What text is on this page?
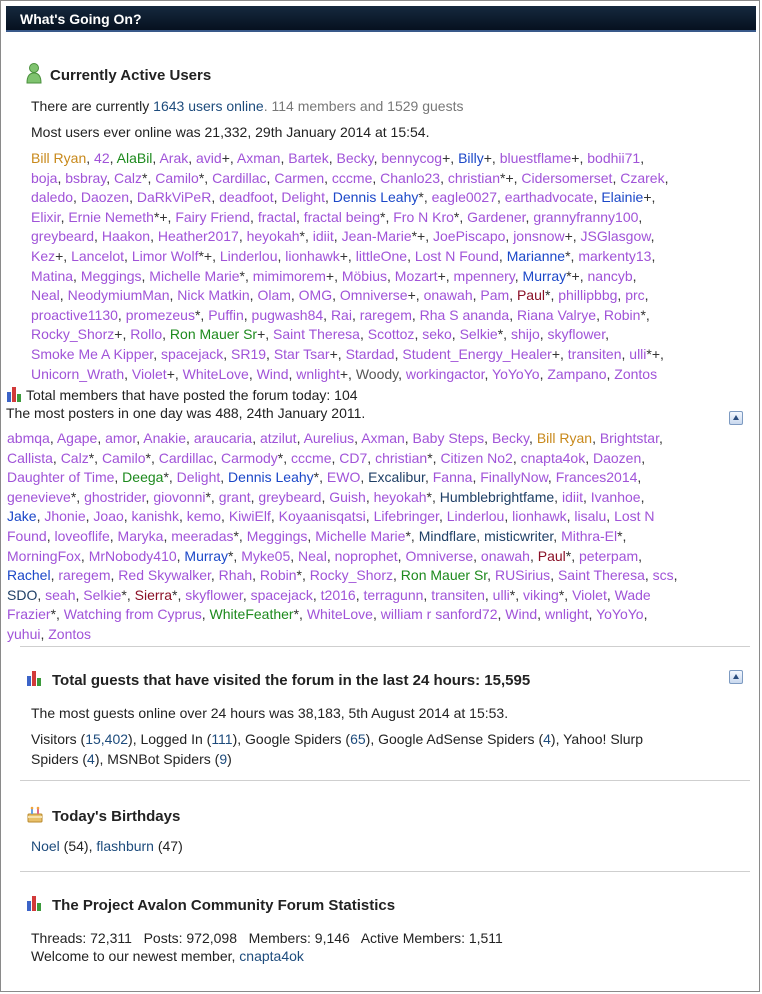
What's Going On?
Currently Active Users
There are currently 1643 users online. 114 members and 1529 guests
Most users ever online was 21,332, 29th January 2014 at 15:54.
Bill Ryan, 42, AlaBil, Arak, avid+, Axman, Bartek, Becky, bennycog+, Billy+, bluestflame+, bodhii71,
boja, bsbray, Calz*, Camilo*, Cardillac, Carmen, cccme, Chanlo23, christian*+, Cidersomerset, Czarek,
daledo, Daozen, DaRkViPeR, deadfoot, Delight, Dennis Leahy*, eagle0027, earthadvocate, Elainie+,
Elixir, Ernie Nemeth*+, Fairy Friend, fractal, fractal being*, Fro N Kro*, Gardener, grannyfranny100,
greybeard, Haakon, Heather2017, heyokah*, idiit, Jean-Marie*+, JoePiscapo, jonsnow+, JSGlasgow,
Kez+, Lancelot, Limor Wolf*+, Linderlou, lionhawk+, littleOne, Lost N Found, Marianne*, markenty13,
Matina, Meggings, Michelle Marie*, mimimorem+, Möbius, Mozart+, mpennery, Murray*+, nancyb,
Neal, NeodymiumMan, Nick Matkin, Olam, OMG, Omniverse+, onawah, Pam, Paul*, phillipbbg, prc,
proactive1130, promezeus*, Puffin, pugwash84, Rai, raregem, Rha S ananda, Riana Valrye, Robin*,
Rocky_Shorz+, Rollo, Ron Mauer Sr+, Saint Theresa, Scottoz, seko, Selkie*, shijo, skyflower,
Smoke Me A Kipper, spacejack, SR19, Star Tsar+, Stardad, Student_Energy_Healer+, transiten, ulli*+,
Unicorn_Wrath, Violet+, WhiteLove, Wind, wnlight+, Woody, workingactor, YoYoYo, Zampano, Zontos
Total members that have posted the forum today: 104
The most posters in one day was 488, 24th January 2011.
abmqa, Agape, amor, Anakie, araucaria, atzilut, Aurelius, Axman, Baby Steps, Becky, Bill Ryan, Brightstar,
Callista, Calz*, Camilo*, Cardillac, Carmody*, cccme, CD7, christian*, Citizen No2, cnapta4ok, Daozen,
Daughter of Time, Deega*, Delight, Dennis Leahy*, EWO, Excalibur, Fanna, FinallyNow, Frances2014,
genevieve*, ghostrider, giovonni*, grant, greybeard, Guish, heyokah*, Humblebrightfame, idiit, Ivanhoe,
Jake, Jhonie, Joao, kanishk, kemo, KiwiElf, Koyaanisqatsi, Lifebringer, Linderlou, lionhawk, lisalu, Lost N
Found, loveoflife, Maryka, meeradas*, Meggings, Michelle Marie*, Mindflare, misticwriter, Mithra-El*,
MorningFox, MrNobody410, Murray*, Myke05, Neal, noprophet, Omniverse, onawah, Paul*, peterpam,
Rachel, raregem, Red Skywalker, Rhah, Robin*, Rocky_Shorz, Ron Mauer Sr, RUSirius, Saint Theresa, scs,
SDO, seah, Selkie*, Sierra*, skyflower, spacejack, t2016, terragunn, transiten, ulli*, viking*, Violet, Wade
Frazier*, Watching from Cyprus, WhiteFeather*, WhiteLove, william r sanford72, Wind, wnlight, YoYoYo,
yuhui, Zontos
Total guests that have visited the forum in the last 24 hours: 15,595
The most guests online over 24 hours was 38,183, 5th August 2014 at 15:53.
Visitors (15,402), Logged In (111), Google Spiders (65), Google AdSense Spiders (4), Yahoo! Slurp
Spiders (4), MSNBot Spiders (9)
Today's Birthdays
Noel (54), flashburn (47)
The Project Avalon Community Forum Statistics
Threads: 72,311   Posts: 972,098   Members: 9,146   Active Members: 1,511
Welcome to our newest member, cnapta4ok
